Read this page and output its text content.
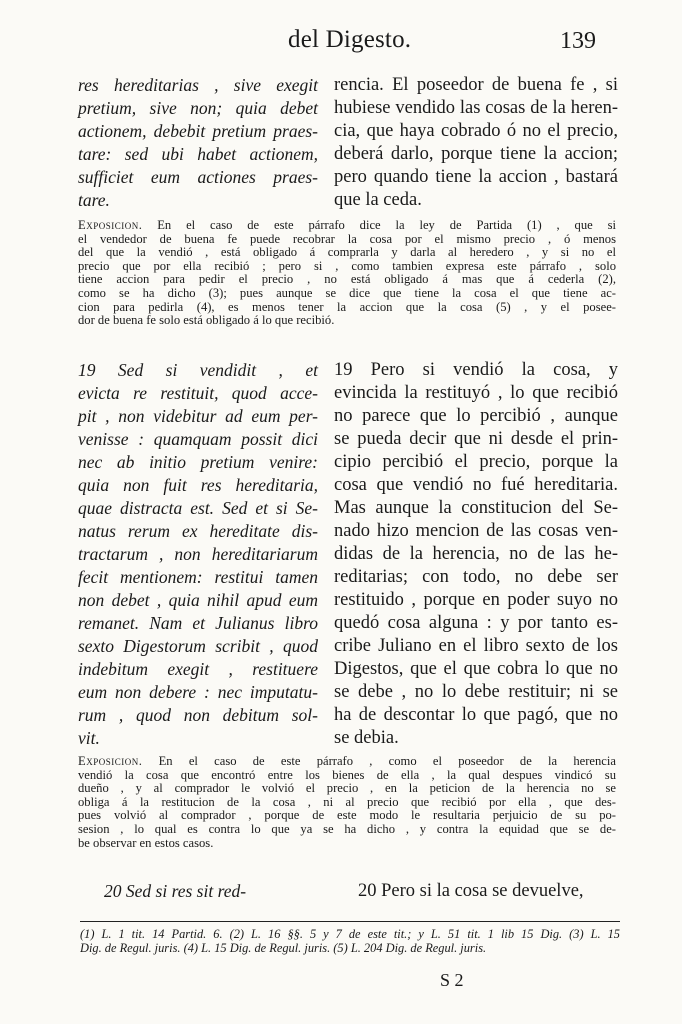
del Digesto.	139
res hereditarias , sive exegit
pretium, sive non; quia debet
actionem, debebit pretium praes-
tare: sed ubi habet actionem,
sufficiet eum actiones praes-
tare.
rencia. El poseedor de buena fe , si
hubiese vendido las cosas de la heren-
cia, que haya cobrado ó no el precio,
deberá darlo, porque tiene la accion;
pero quando tiene la accion , bastará
que la ceda.
Exposicion. En el caso de este párrafo dice la ley de Partida (1) , que si
el vendedor de buena fe puede recobrar la cosa por el mismo precio , ó menos
del que la vendió , está obligado á comprarla y darla al heredero , y si no el
precio que por ella recibió ; pero si , como tambien expresa este párrafo , solo
tiene accion para pedir el precio , no está obligado á mas que á cederla (2),
como se ha dicho (3); pues aunque se dice que tiene la cosa el que tiene ac-
cion para pedirla (4), es menos tener la accion que la cosa (5) , y el posee-
dor de buena fe solo está obligado á lo que recibió.
19 Sed si vendidit , et
evicta re restituit, quod acce-
pit , non videbitur ad eum per-
venisse : quamquam possit dici
nec ab initio pretium venire:
quia non fuit res hereditaria,
quae distracta est. Sed et si Se-
natus rerum ex hereditate dis-
tractarum , non hereditariarum
fecit mentionem: restitui tamen
non debet , quia nihil apud eum
remanet. Nam et Julianus libro
sexto Digestorum scribit , quod
indebitum exegit , restituere
eum non debere : nec imputatu-
rum , quod non debitum sol-
vit.
19 Pero si vendió la cosa, y
evincida la restituyó , lo que recibió
no parece que lo percibió , aunque
se pueda decir que ni desde el prin-
cipio percibió el precio, porque la
cosa que vendió no fué hereditaria.
Mas aunque la constitucion del Se-
nado hizo mencion de las cosas ven-
didas de la herencia, no de las he-
reditarias; con todo, no debe ser
restituido , porque en poder suyo no
quedó cosa alguna : y por tanto es-
cribe Juliano en el libro sexto de los
Digestos, que el que cobra lo que no
se debe , no lo debe restituir; ni se
ha de descontar lo que pagó, que no
se debia.
Exposicion. En el caso de este párrafo , como el poseedor de la herencia
vendió la cosa que encontró entre los bienes de ella , la qual despues vindicó su
dueño , y al comprador le volvió el precio , en la peticion de la herencia no se
obliga á la restitucion de la cosa , ni al precio que recibió por ella , que des-
pues volvió al comprador , porque de este modo le resultaria perjuicio de su po-
sesion , lo qual es contra lo que ya se ha dicho , y contra la equidad que se de-
be observar en estos casos.
20 Sed si res sit red-	20 Pero si la cosa se devuelve,
(1) L. 1 tit. 14 Partid. 6. (2) L. 16 §§. 5 y 7 de este tit.; y L. 51 tit. 1 lib 15 Dig. (3) L. 15
Dig. de Regul. juris. (4) L. 15 Dig. de Regul. juris. (5) L. 204 Dig. de Regul. juris.
S 2
